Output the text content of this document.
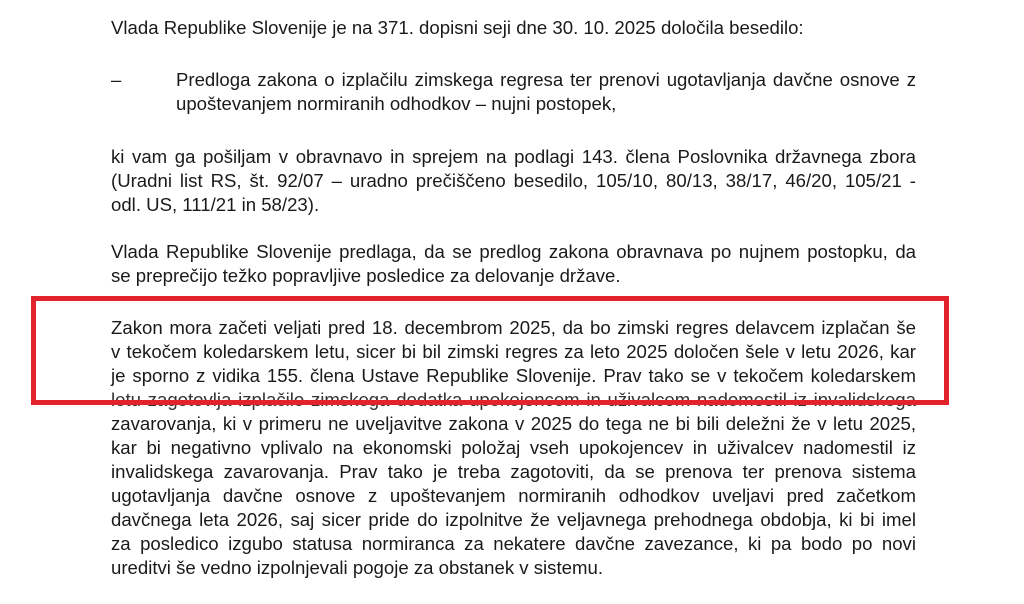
Vlada Republike Slovenije je na 371. dopisni seji dne 30. 10. 2025 določila besedilo:
–	Predloga zakona o izplačilu zimskega regresa ter prenovi ugotavljanja davčne osnove z
upoštevanjem normiranih odhodkov – nujni postopek,
ki vam ga pošiljam v obravnavo in sprejem na podlagi 143. člena Poslovnika državnega zbora
(Uradni list RS, št. 92/07 – uradno prečiščeno besedilo, 105/10, 80/13, 38/17, 46/20, 105/21 -
odl. US, 111/21 in 58/23).
Vlada Republike Slovenije predlaga, da se predlog zakona obravnava po nujnem postopku, da
se preprečijo težko popravljive posledice za delovanje države.
Zakon mora začeti veljati pred 18. decembrom 2025, da bo zimski regres delavcem izplačan še
v tekočem koledarskem letu, sicer bi bil zimski regres za leto 2025 določen šele v letu 2026, kar
je sporno z vidika 155. člena Ustave Republike Slovenije. Prav tako se v tekočem koledarskem
letu zagotovlja izplačilo zimskega dodatka upokojencem in uživalcem nadomestil iz invalidskega
zavarovanja, ki v primeru ne uveljavitve zakona v 2025 do tega ne bi bili deležni že v letu 2025,
kar bi negativno vplivalo na ekonomski položaj vseh upokojencev in uživalcev nadomestil iz
invalidskega zavarovanja. Prav tako je treba zagotoviti, da se prenova ter prenova sistema
ugotavljanja davčne osnove z upoštevanjem normiranih odhodkov uveljavi pred začetkom
davčnega leta 2026, saj sicer pride do izpolnitve že veljavnega prehodnega obdobja, ki bi imel
za posledico izgubo statusa normiranca za nekatere davčne zavezance, ki pa bodo po novi
ureditvi še vedno izpolnjevali pogoje za obstanek v sistemu.
